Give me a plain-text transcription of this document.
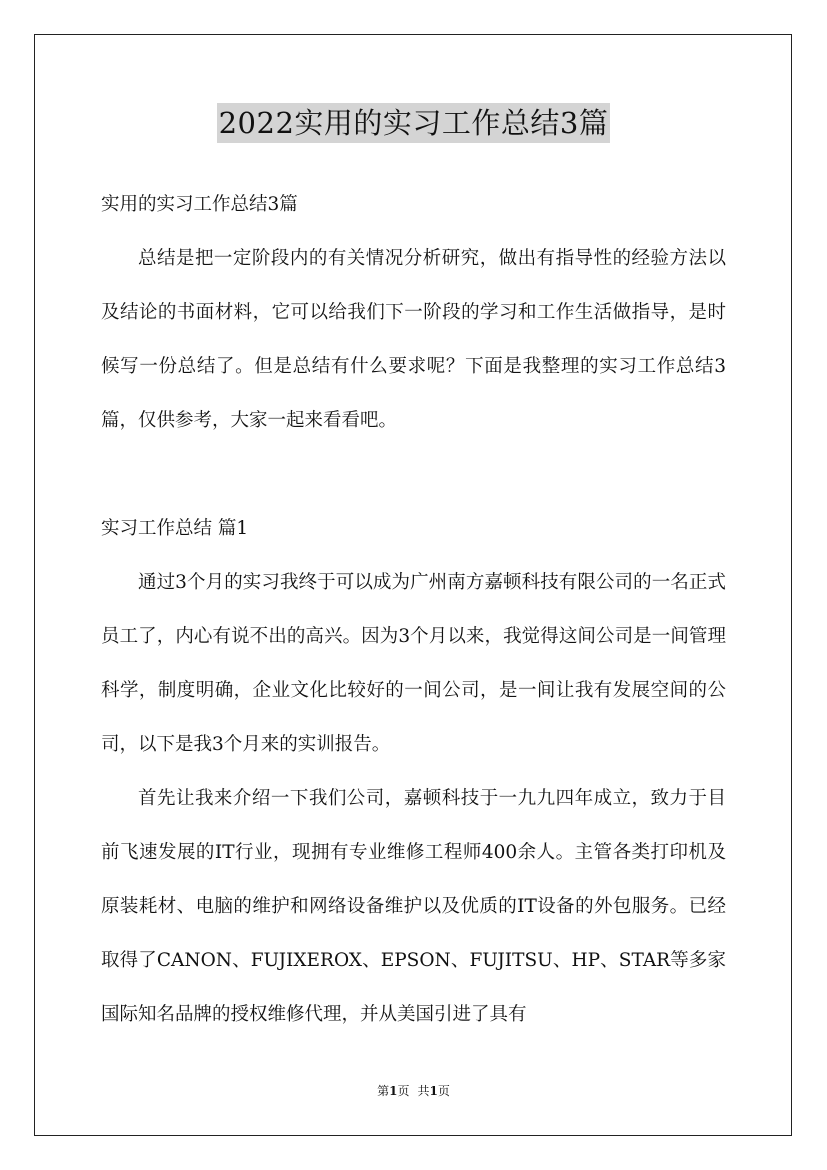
2022实用的实习工作总结3篇

实用的实习工作总结3篇

总结是把一定阶段内的有关情况分析研究，做出有指导性的经验方法以及结论的书面材料，它可以给我们下一阶段的学习和工作生活做指导，是时候写一份总结了。但是总结有什么要求呢？下面是我整理的实习工作总结3篇，仅供参考，大家一起来看看吧。

实习工作总结 篇1

通过3个月的实习我终于可以成为广州南方嘉顿科技有限公司的一名正式员工了，内心有说不出的高兴。因为3个月以来，我觉得这间公司是一间管理科学，制度明确，企业文化比较好的一间公司，是一间让我有发展空间的公司，以下是我3个月来的实训报告。

首先让我来介绍一下我们公司，嘉顿科技于一九九四年成立，致力于目前飞速发展的IT行业，现拥有专业维修工程师400余人。主管各类打印机及原装耗材、电脑的维护和网络设备维护以及优质的IT设备的外包服务。已经取得了CANON、FUJIXEROX、EPSON、FUJITSU、HP、STAR等多家国际知名品牌的授权维修代理，并从美国引进了具有

第1页 共1页
